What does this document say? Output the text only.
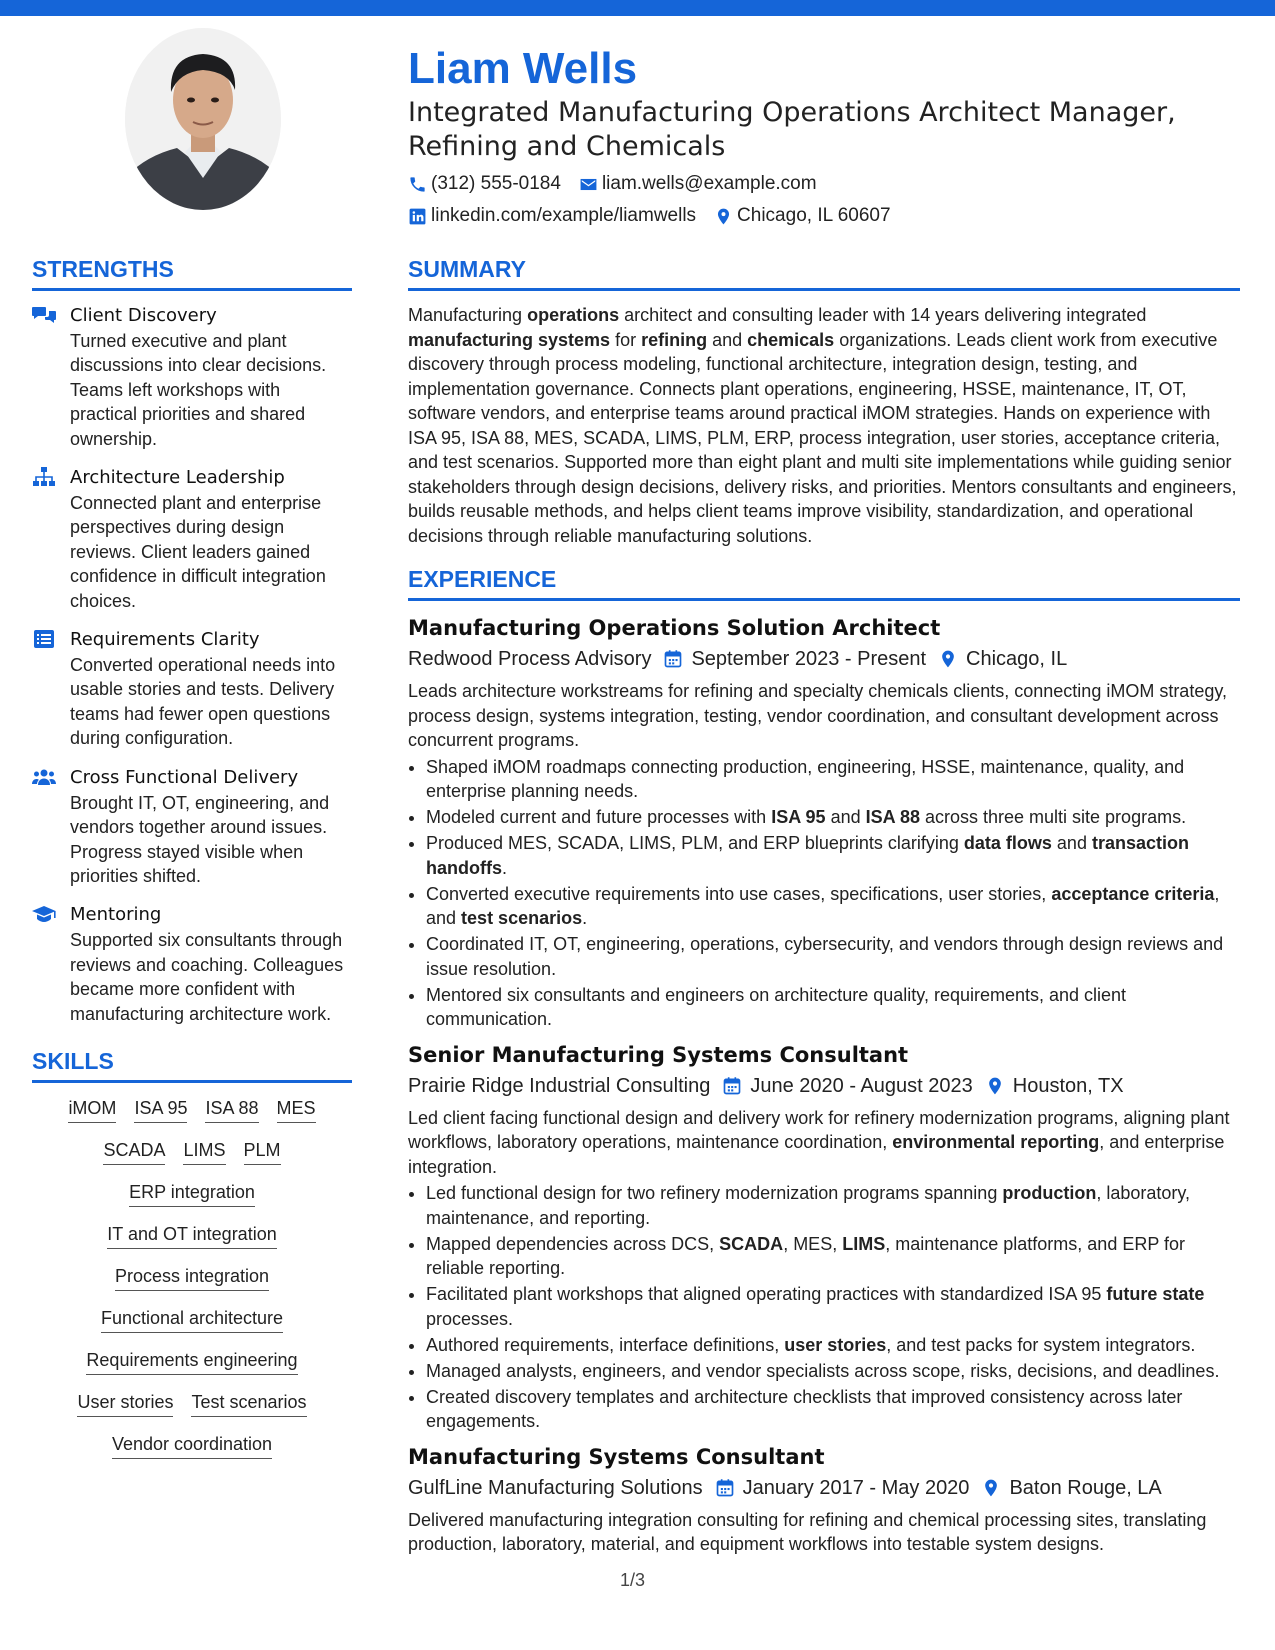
Liam Wells

Integrated Manufacturing Operations Architect Manager, Refining and Chemicals

(312) 555-0184 liam.wells@example.com
linkedin.com/example/liamwells Chicago, IL 60607
STRENGTHS
Client Discovery
Turned executive and plant discussions into clear decisions. Teams left workshops with practical priorities and shared ownership.
Architecture Leadership
Connected plant and enterprise perspectives during design reviews. Client leaders gained confidence in difficult integration choices.
Requirements Clarity
Converted operational needs into usable stories and tests. Delivery teams had fewer open questions during configuration.
Cross Functional Delivery
Brought IT, OT, engineering, and vendors together around issues. Progress stayed visible when priorities shifted.
Mentoring
Supported six consultants through reviews and coaching. Colleagues became more confident with manufacturing architecture work.
SKILLS
iMOM ISA 95 ISA 88 MES
SCADA LIMS PLM
ERP integration
IT and OT integration
Process integration
Functional architecture
Requirements engineering
User stories Test scenarios
Vendor coordination
SUMMARY

Manufacturing operations architect and consulting leader with 14 years delivering integrated manufacturing systems for refining and chemicals organizations. Leads client work from executive discovery through process modeling, functional architecture, integration design, testing, and implementation governance. Connects plant operations, engineering, HSSE, maintenance, IT, OT, software vendors, and enterprise teams around practical iMOM strategies. Hands on experience with ISA 95, ISA 88, MES, SCADA, LIMS, PLM, ERP, process integration, user stories, acceptance criteria, and test scenarios. Supported more than eight plant and multi site implementations while guiding senior stakeholders through design decisions, delivery risks, and priorities. Mentors consultants and engineers, builds reusable methods, and helps client teams improve visibility, standardization, and operational decisions through reliable manufacturing solutions.

EXPERIENCE
Manufacturing Operations Solution Architect
Redwood Process Advisory September 2023 - Present Chicago, IL

Leads architecture workstreams for refining and specialty chemicals clients, connecting iMOM strategy, process design, systems integration, testing, vendor coordination, and consultant development across concurrent programs.

• Shaped iMOM roadmaps connecting production, engineering, HSSE, maintenance, quality, and enterprise planning needs.
• Modeled current and future processes with ISA 95 and ISA 88 across three multi site programs.
• Produced MES, SCADA, LIMS, PLM, and ERP blueprints clarifying data flows and transaction handoffs.
• Converted executive requirements into use cases, specifications, user stories, acceptance criteria, and test scenarios.
• Coordinated IT, OT, engineering, operations, cybersecurity, and vendors through design reviews and issue resolution.
• Mentored six consultants and engineers on architecture quality, requirements, and client communication.
Senior Manufacturing Systems Consultant
Prairie Ridge Industrial Consulting June 2020 - August 2023 Houston, TX

Led client facing functional design and delivery work for refinery modernization programs, aligning plant workflows, laboratory operations, maintenance coordination, environmental reporting, and enterprise integration.

• Led functional design for two refinery modernization programs spanning production, laboratory, maintenance, and reporting.
• Mapped dependencies across DCS, SCADA, MES, LIMS, maintenance platforms, and ERP for reliable reporting.
• Facilitated plant workshops that aligned operating practices with standardized ISA 95 future state processes.
• Authored requirements, interface definitions, user stories, and test packs for system integrators.
• Managed analysts, engineers, and vendor specialists across scope, risks, decisions, and deadlines.
• Created discovery templates and architecture checklists that improved consistency across later engagements.
Manufacturing Systems Consultant
GulfLine Manufacturing Solutions January 2017 - May 2020 Baton Rouge, LA

Delivered manufacturing integration consulting for refining and chemical processing sites, translating production, laboratory, material, and equipment workflows into testable system designs.

1/3
